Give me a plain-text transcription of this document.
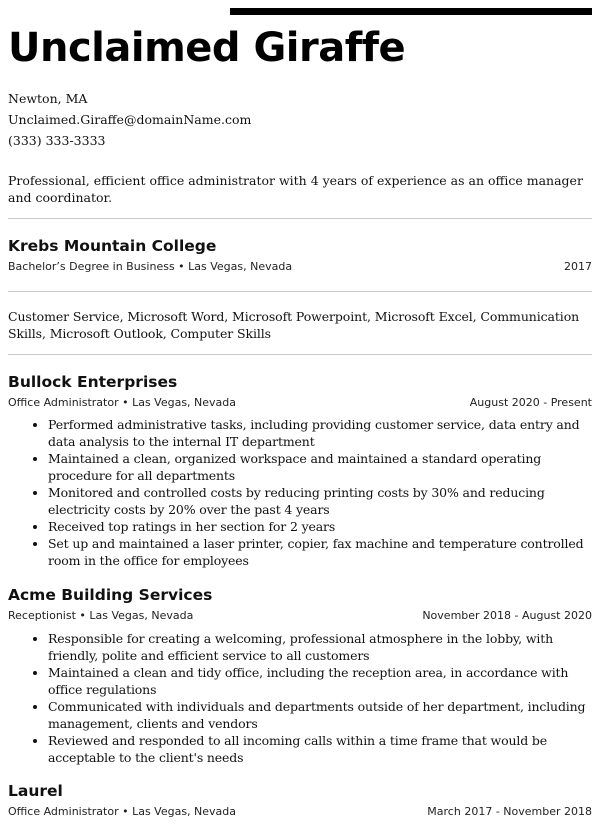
Unclaimed Giraffe
Newton, MA
Unclaimed.Giraffe@domainName.com
(333) 333-3333

Professional, efficient office administrator with 4 years of experience as an office manager and coordinator.

Krebs Mountain College
Bachelor’s Degree in Business • Las Vegas, Nevada	2017

Customer Service, Microsoft Word, Microsoft Powerpoint, Microsoft Excel, Communication Skills, Microsoft Outlook, Computer Skills

Bullock Enterprises
Office Administrator • Las Vegas, Nevada	August 2020 - Present
• Performed administrative tasks, including providing customer service, data entry and data analysis to the internal IT department
• Maintained a clean, organized workspace and maintained a standard operating procedure for all departments
• Monitored and controlled costs by reducing printing costs by 30% and reducing electricity costs by 20% over the past 4 years
• Received top ratings in her section for 2 years
• Set up and maintained a laser printer, copier, fax machine and temperature controlled room in the office for employees
Acme Building Services
Receptionist • Las Vegas, Nevada	November 2018 - August 2020
• Responsible for creating a welcoming, professional atmosphere in the lobby, with friendly, polite and efficient service to all customers
• Maintained a clean and tidy office, including the reception area, in accordance with office regulations
• Communicated with individuals and departments outside of her department, including management, clients and vendors
• Reviewed and responded to all incoming calls within a time frame that would be acceptable to the client's needs
Laurel
Office Administrator • Las Vegas, Nevada	March 2017 - November 2018
